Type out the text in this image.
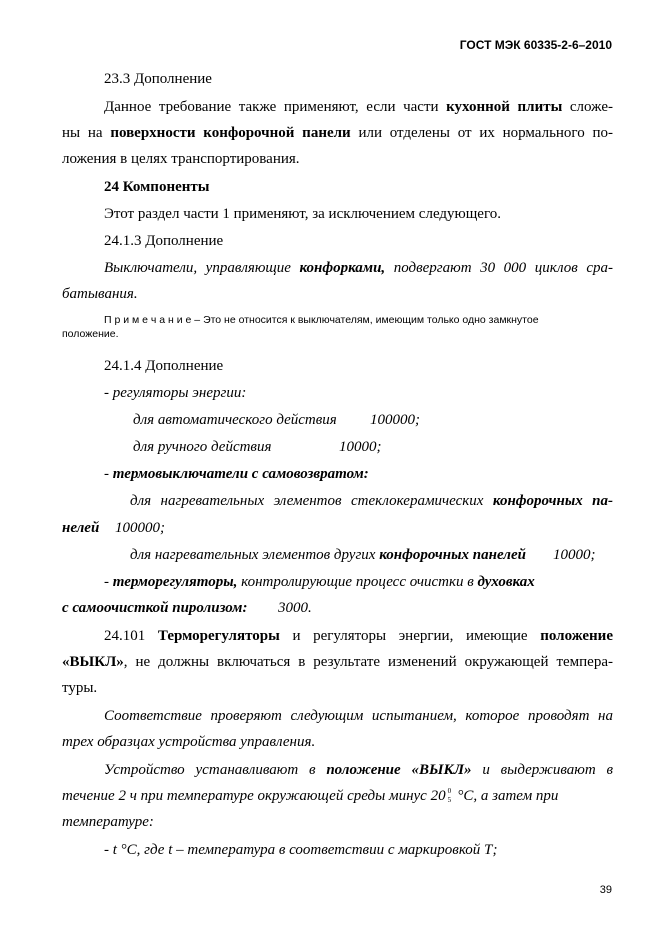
ГОСТ МЭК 60335-2-6–2010
23.3 Дополнение
Данное требование также применяют, если части кухонной плиты сложе-
ны на поверхности конфорочной панели или отделены от их нормального по-
ложения в целях транспортирования.
24 Компоненты
Этот раздел части 1 применяют, за исключением следующего.
24.1.3 Дополнение
Выключатели, управляющие конфорками, подвергают 30 000 циклов сра-
батывания.
П р и м е ч а н и е – Это не относится к выключателям, имеющим только одно замкнутое
положение.
24.1.4 Дополнение
- регуляторы энергии:
для автоматического действия 100000;
для ручного действия	10000;
- термовыключатели с самовозвратом:
для нагревательных элементов стеклокерамических конфорочных па-
нелей 100000;
для нагревательных элементов других конфорочных панелей 10000;
- терморегуляторы, контролирующие процесс очистки в духовках
с самоочисткой пиролизом: 3000.
24.101 Терморегуляторы и регуляторы энергии, имеющие положение
«ВЫКЛ», не должны включаться в результате изменений окружающей темпера-
туры.
Соответствие проверяют следующим испытанием, которое проводят на
трех образцах устройства управления.
Устройство устанавливают в положение «ВЫКЛ» и выдерживают в
течение 2 ч при температуре окружающей среды минус 20 0
5 °С, а затем при
температуре:
- t °С, где t – температура в соответствии с маркировкой Т;
39
